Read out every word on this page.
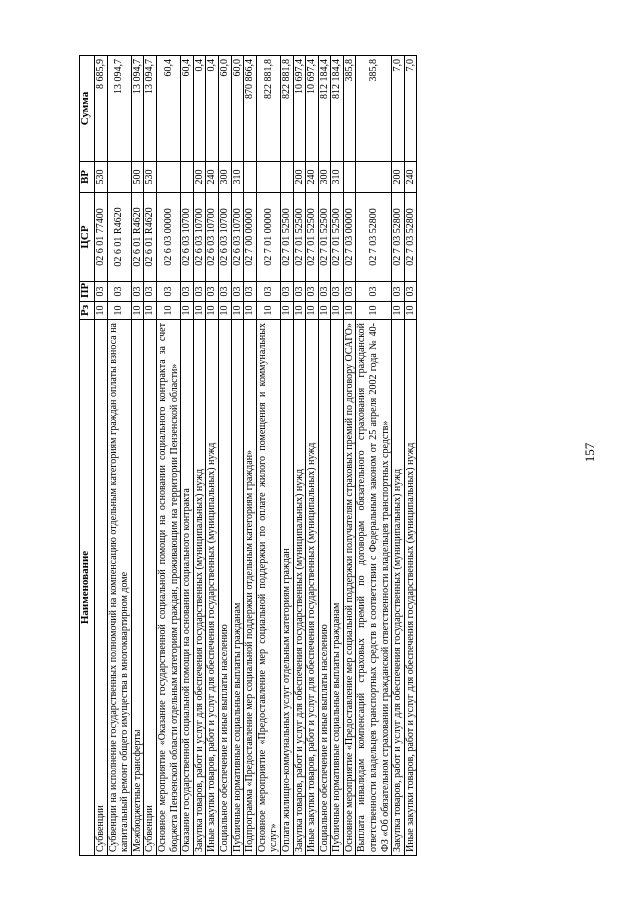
157
Наименование	Рз	ПР	ЦСР	ВР	Сумма
Субвенции	10	03	02 6 01 77400	530	8 685,9
Субвенции на исполнение государственных полномочий на компенсацию отдельным категориям граждан оплаты взноса на капитальный ремонт общего имущества в многоквартирном доме	10	03	02 6 01 R4620		13 094,7
Межбюджетные трансферты	10	03	02 6 01 R4620	500	13 094,7
Субвенции	10	03	02 6 01 R4620	530	13 094,7
Основное мероприятие «Оказание государственной социальной помощи на основании социального контракта за счет бюджета Пензенской области отдельным категориям граждан, проживающим на территории Пензенской области»	10	03	02 6 03 00000		60,4
Оказание государственной социальной помощи на основании социального контракта	10	03	02 6 03 10700		60,4
Закупка товаров, работ и услуг для обеспечения государственных (муниципальных) нужд	10	03	02 6 03 10700	200	0,4
Иные закупки товаров, работ и услуг для обеспечения государственных (муниципальных) нужд	10	03	02 6 03 10700	240	0,4
Социальное обеспечение и иные выплаты населению	10	03	02 6 03 10700	300	60,0
Публичные нормативные социальные выплаты гражданам	10	03	02 6 03 10700	310	60,0
Подпрограмма «Предоставление мер социальной поддержки отдельным категориям граждан»	10	03	02 7 00 00000		870 866,4
Основное мероприятие «Предоставление мер социальной поддержки по оплате жилого помещения и коммунальных услуг»	10	03	02 7 01 00000		822 881,8
Оплата жилищно-коммунальных услуг отдельным категориям граждан	10	03	02 7 01 52500		822 881,8
Закупка товаров, работ и услуг для обеспечения государственных (муниципальных) нужд	10	03	02 7 01 52500	200	10 697,4
Иные закупки товаров, работ и услуг для обеспечения государственных (муниципальных) нужд	10	03	02 7 01 52500	240	10 697,4
Социальное обеспечение и иные выплаты населению	10	03	02 7 01 52500	300	812 184,4
Публичные нормативные социальные выплаты гражданам	10	03	02 7 01 52500	310	812 184,4
Основное мероприятие «Предоставление мер социальной поддержки получателям страховых премий по договору ОСАГО»	10	03	02 7 03 00000		385,8
Выплата инвалидам компенсаций страховых премий по договорам обязательного страхования гражданской ответственности владельцев транспортных средств в соответствии с Федеральным законом от 25 апреля 2002 года № 40-ФЗ «Об обязательном страховании гражданской ответственности владельцев транспортных средств»	10	03	02 7 03 52800		385,8
Закупка товаров, работ и услуг для обеспечения государственных (муниципальных) нужд	10	03	02 7 03 52800	200	7,0
Иные закупки товаров, работ и услуг для обеспечения государственных (муниципальных) нужд	10	03	02 7 03 52800	240	7,0
